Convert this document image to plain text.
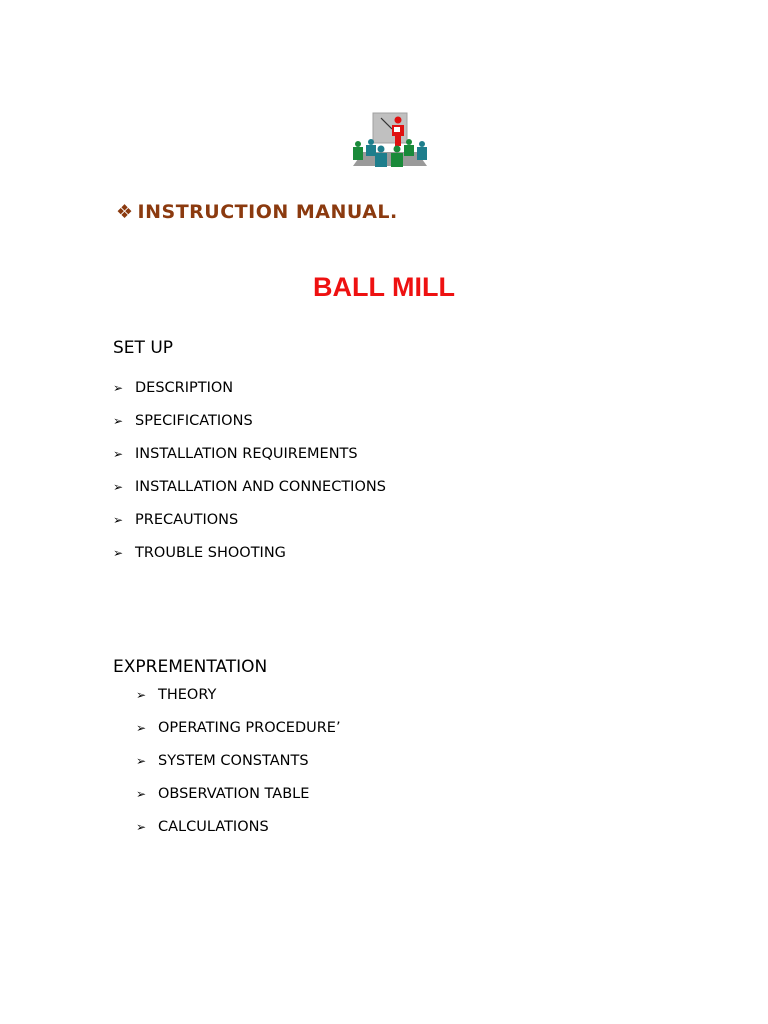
❖ INSTRUCTION MANUAL.
BALL MILL
SET UP
➢ DESCRIPTION
➢ SPECIFICATIONS
➢ INSTALLATION REQUIREMENTS
➢ INSTALLATION AND CONNECTIONS
➢ PRECAUTIONS
➢ TROUBLE SHOOTING
EXPREMENTATION
➢ THEORY
➢ OPERATING PROCEDURE’
➢ SYSTEM CONSTANTS
➢ OBSERVATION TABLE
➢ CALCULATIONS
